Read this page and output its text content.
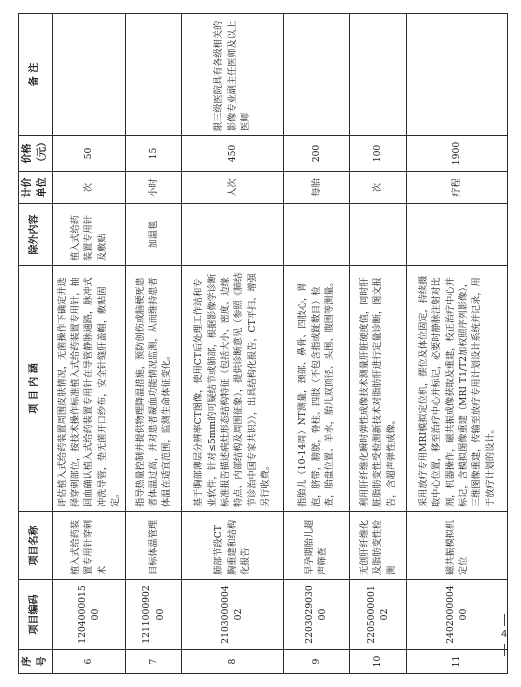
序号	项目编码	项目名称	项 目 内 涵	除外内容	计价单位	价格（元）	备 注
6	120400001500	植入式给药装置专用针穿刺术	评估植入式给药装置周围皮肤情况，无菌操作下确定并选择穿刺部位，按技术操作标准植入式给药装置专用针，抽回血确认植入式给药装置专用针在导管静脉通路，脉冲式冲洗导管，垫无菌开口纱布，安全针缝肝盖帽，敷贴固定。	植入式给药装置专用针及敷贴	次	50	
7	121100090200	目标体温管理	指导热量控制并提供物理降温措施，预防创伤或脑梗死患者体温过高，并对患者凝血功能情况监测，从而维持患者体温在适宜范围，监测生命体征变化。	加温毯	小时	15	
8	210300000402	肺部节段CT胸重建和结构化报告	基于胸部薄层分辨率CT图像，使用CT后处理工作站和专业软件，针对≤5mm的可疑结节或肺部，根据影像学诊断标准报告描述病灶形态结构特征（包括大小、密度、边缘特点、内部结构及周围征象），提供诊断意见（参照《肺结节诊治中国专家共识》），出具结构化报告，CT平扫、增强另行收费。		人次	450	限三级医院具有各级相关的影像专业副主任医师及以上医师
9	220302903000	早孕期胎儿超声筛查	指胎儿（10-14周）NT测量，颈部、鼻骨、四肢心，胃泡，脐带，膀胱，脊柱、四肢（不包含指或趾数目）检查，胎盘位置、羊水，胎儿双顶径、头围、腹围等测量。		每胎	200	
10	220500000102	无创肝纤维化及脂肪变性检测	利用肝纤维化瞬时弹性成像技术测量肝脏硬度值，同时肝脏脂肪变性受检测新技术对脂肪肝进行定量诊断，图文报告，含超声弹性成像。		次	100	
11	240200000400	磁共振模拟机定位	采用放疗专用MRI模拟定位机，摆位及体位固定，持续摄取中心位置，移至治疗中心并标记，必要时静脉注射对比剂，机器操作，磁共振成像获取及重建，校正治疗中心并标记，含模拟图像重建（MRI T1/T2加权照序列影像），三维图像重建，传输至放疗专用计划设计系统并记录，用于放疗计划的设计。		疗程	1900	
4
